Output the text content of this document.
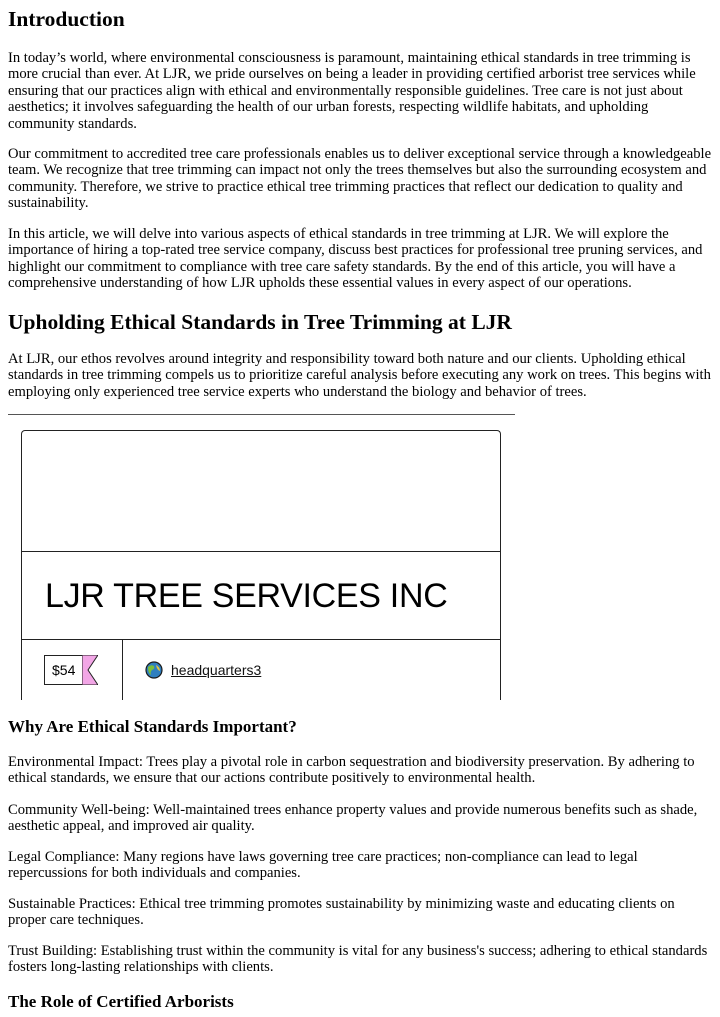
Introduction

In today’s world, where environmental consciousness is paramount, maintaining ethical standards in tree trimming is more crucial than ever. At LJR, we pride ourselves on being a leader in providing certified arborist tree services while ensuring that our practices align with ethical and environmentally responsible guidelines. Tree care is not just about aesthetics; it involves safeguarding the health of our urban forests, respecting wildlife habitats, and upholding community standards.

Our commitment to accredited tree care professionals enables us to deliver exceptional service through a knowledgeable team. We recognize that tree trimming can impact not only the trees themselves but also the surrounding ecosystem and community. Therefore, we strive to practice ethical tree trimming practices that reflect our dedication to quality and sustainability.

In this article, we will delve into various aspects of ethical standards in tree trimming at LJR. We will explore the importance of hiring a top-rated tree service company, discuss best practices for professional tree pruning services, and highlight our commitment to compliance with tree care safety standards. By the end of this article, you will have a comprehensive understanding of how LJR upholds these essential values in every aspect of our operations.

Upholding Ethical Standards in Tree Trimming at LJR

At LJR, our ethos revolves around integrity and responsibility toward both nature and our clients. Upholding ethical standards in tree trimming compels us to prioritize careful analysis before executing any work on trees. This begins with employing only experienced tree service experts who understand the biology and behavior of trees.

LJR TREE SERVICES INC
$54	headquarters3
Why Are Ethical Standards Important?

Environmental Impact: Trees play a pivotal role in carbon sequestration and biodiversity preservation. By adhering to ethical standards, we ensure that our actions contribute positively to environmental health.

Community Well-being: Well-maintained trees enhance property values and provide numerous benefits such as shade, aesthetic appeal, and improved air quality.

Legal Compliance: Many regions have laws governing tree care practices; non-compliance can lead to legal repercussions for both individuals and companies.

Sustainable Practices: Ethical tree trimming promotes sustainability by minimizing waste and educating clients on proper care techniques.

Trust Building: Establishing trust within the community is vital for any business's success; adhering to ethical standards fosters long-lasting relationships with clients.

The Role of Certified Arborists
